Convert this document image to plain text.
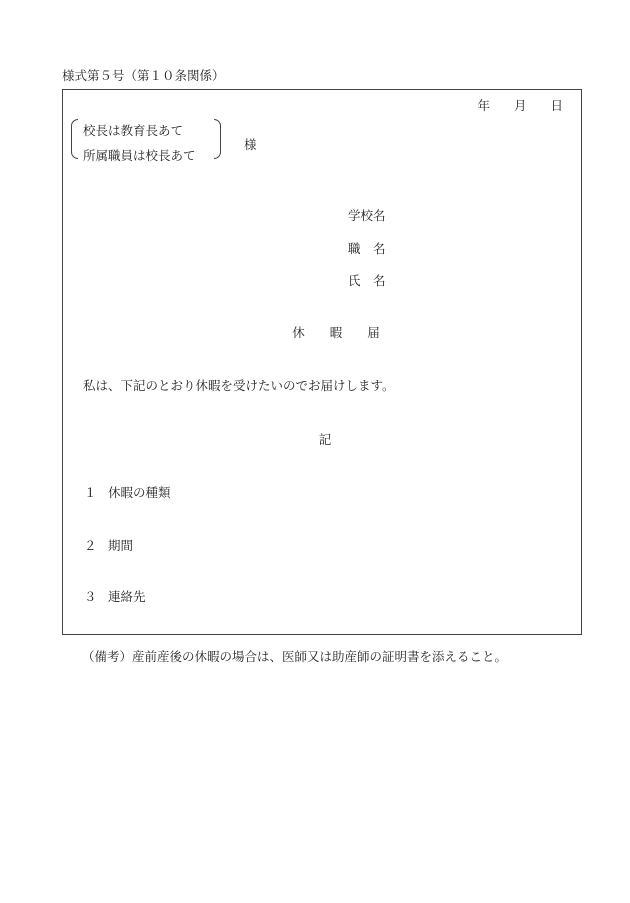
様式第５号（第１０条関係）
年 月 日
校長は教育長あて
所属職員は校長あて
様
学校名
職　名
氏　名
休　　暇　　届
私は、下記のとおり休暇を受けたいのでお届けします。
記
１ 休暇の種類
２ 期間
３ 連絡先
（備考）産前産後の休暇の場合は、医師又は助産師の証明書を添えること。
